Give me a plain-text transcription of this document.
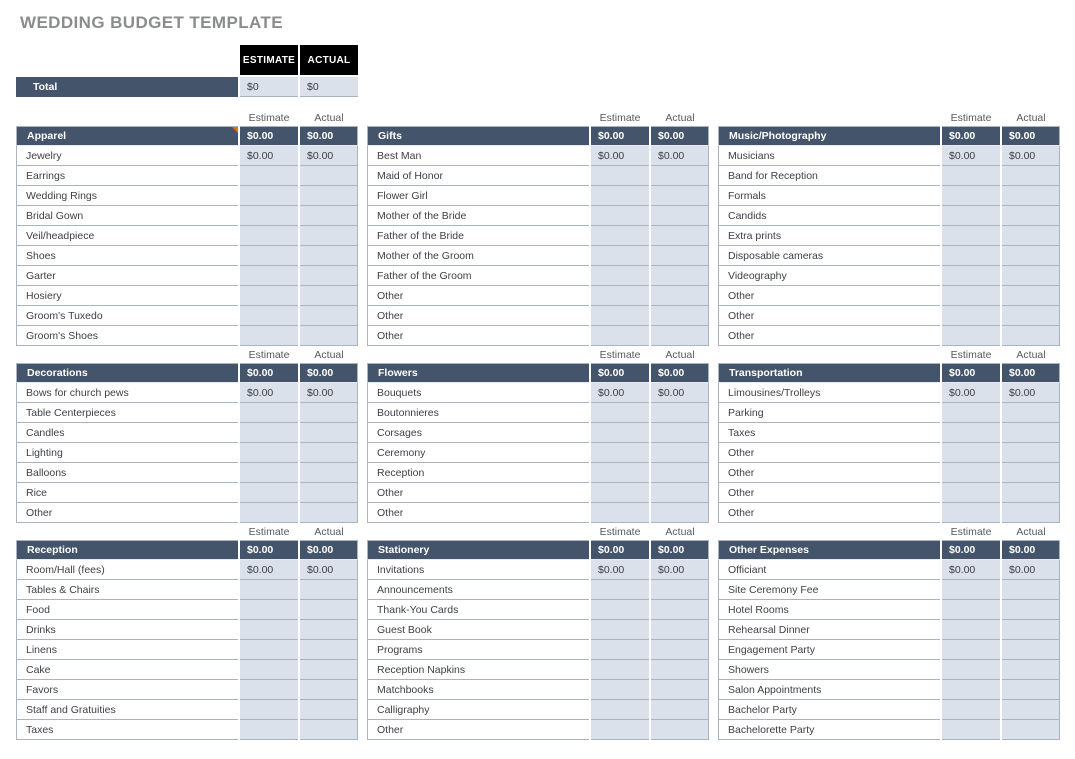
WEDDING BUDGET TEMPLATE
ESTIMATE	ACTUAL
Total	$0	$0
Estimate	Actual
Apparel	$0.00	$0.00
Jewelry	$0.00	$0.00
Earrings
Wedding Rings
Bridal Gown
Veil/headpiece
Shoes
Garter
Hosiery
Groom's Tuxedo
Groom's Shoes
Estimate	Actual
Decorations	$0.00	$0.00
Bows for church pews	$0.00	$0.00
Table Centerpieces
Candles
Lighting
Balloons
Rice
Other
Estimate	Actual
Reception	$0.00	$0.00
Room/Hall (fees)	$0.00	$0.00
Tables & Chairs
Food
Drinks
Linens
Cake
Favors
Staff and Gratuities
Taxes
Estimate	Actual
Gifts	$0.00	$0.00
Best Man	$0.00	$0.00
Maid of Honor
Flower Girl
Mother of the Bride
Father of the Bride
Mother of the Groom
Father of the Groom
Other
Other
Other
Estimate	Actual
Flowers	$0.00	$0.00
Bouquets	$0.00	$0.00
Boutonnieres
Corsages
Ceremony
Reception
Other
Other
Estimate	Actual
Stationery	$0.00	$0.00
Invitations	$0.00	$0.00
Announcements
Thank-You Cards
Guest Book
Programs
Reception Napkins
Matchbooks
Calligraphy
Other
Estimate	Actual
Music/Photography	$0.00	$0.00
Musicians	$0.00	$0.00
Band for Reception
Formals
Candids
Extra prints
Disposable cameras
Videography
Other
Other
Other
Estimate	Actual
Transportation	$0.00	$0.00
Limousines/Trolleys	$0.00	$0.00
Parking
Taxes
Other
Other
Other
Other
Estimate	Actual
Other Expenses	$0.00	$0.00
Officiant	$0.00	$0.00
Site Ceremony Fee
Hotel Rooms
Rehearsal Dinner
Engagement Party
Showers
Salon Appointments
Bachelor Party
Bachelorette Party
